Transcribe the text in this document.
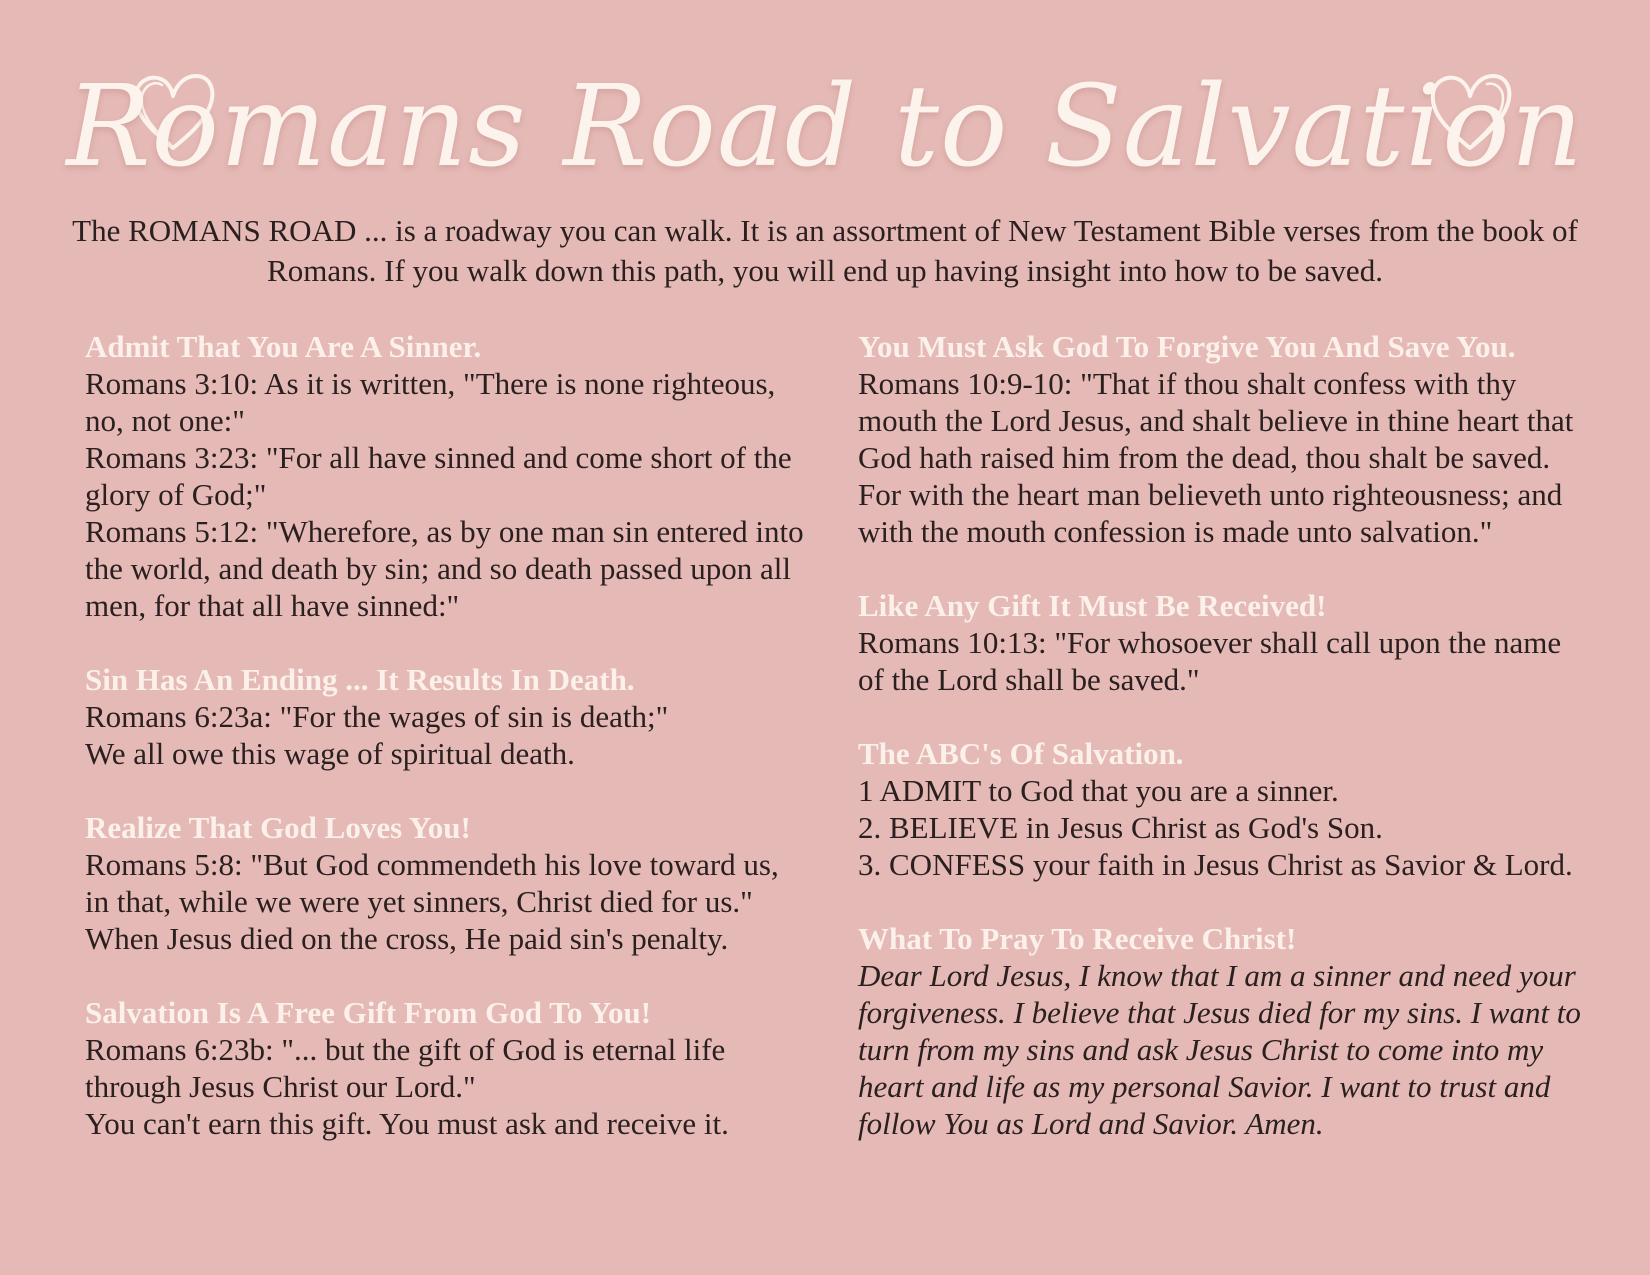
Romans Road to Salvation
The ROMANS ROAD ... is a roadway you can walk. It is an assortment of New Testament Bible verses from the book of Romans. If you walk down this path, you will end up having insight into how to be saved.
Admit That You Are A Sinner.
Romans 3:10: As it is written, "There is none righteous, no, not one:"
Romans 3:23: "For all have sinned and come short of the glory of God;"
Romans 5:12: "Wherefore, as by one man sin entered into the world, and death by sin; and so death passed upon all men, for that all have sinned:"
Sin Has An Ending ... It Results In Death.
Romans 6:23a: "For the wages of sin is death;"
We all owe this wage of spiritual death.
Realize That God Loves You!
Romans 5:8: "But God commendeth his love toward us, in that, while we were yet sinners, Christ died for us."
When Jesus died on the cross, He paid sin's penalty.
Salvation Is A Free Gift From God To You!
Romans 6:23b: "... but the gift of God is eternal life through Jesus Christ our Lord."
You can't earn this gift. You must ask and receive it.
You Must Ask God To Forgive You And Save You.
Romans 10:9-10: "That if thou shalt confess with thy mouth the Lord Jesus, and shalt believe in thine heart that God hath raised him from the dead, thou shalt be saved. For with the heart man believeth unto righteousness; and with the mouth confession is made unto salvation."
Like Any Gift It Must Be Received!
Romans 10:13: "For whosoever shall call upon the name of the Lord shall be saved."
The ABC's Of Salvation.
1 ADMIT to God that you are a sinner.
2. BELIEVE in Jesus Christ as God's Son.
3. CONFESS your faith in Jesus Christ as Savior & Lord.
What To Pray To Receive Christ!
Dear Lord Jesus, I know that I am a sinner and need your forgiveness. I believe that Jesus died for my sins. I want to turn from my sins and ask Jesus Christ to come into my heart and life as my personal Savior. I want to trust and follow You as Lord and Savior. Amen.
